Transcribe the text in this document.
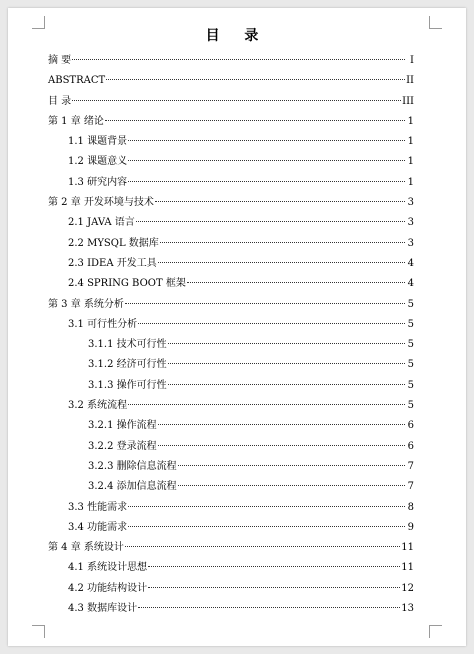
目 录
摘 要	I
ABSTRACT	II
目 录	III
第 1 章 绪论	1
1.1 课题背景	1
1.2 课题意义	1
1.3 研究内容	1
第 2 章 开发环境与技术	3
2.1 JAVA 语言	3
2.2 MYSQL 数据库	3
2.3 IDEA 开发工具	4
2.4 SPRING BOOT 框架	4
第 3 章 系统分析	5
3.1 可行性分析	5
3.1.1 技术可行性	5
3.1.2 经济可行性	5
3.1.3 操作可行性	5
3.2 系统流程	5
3.2.1 操作流程	6
3.2.2 登录流程	6
3.2.3 删除信息流程	7
3.2.4 添加信息流程	7
3.3 性能需求	8
3.4 功能需求	9
第 4 章 系统设计	11
4.1 系统设计思想	11
4.2 功能结构设计	12
4.3 数据库设计	13
